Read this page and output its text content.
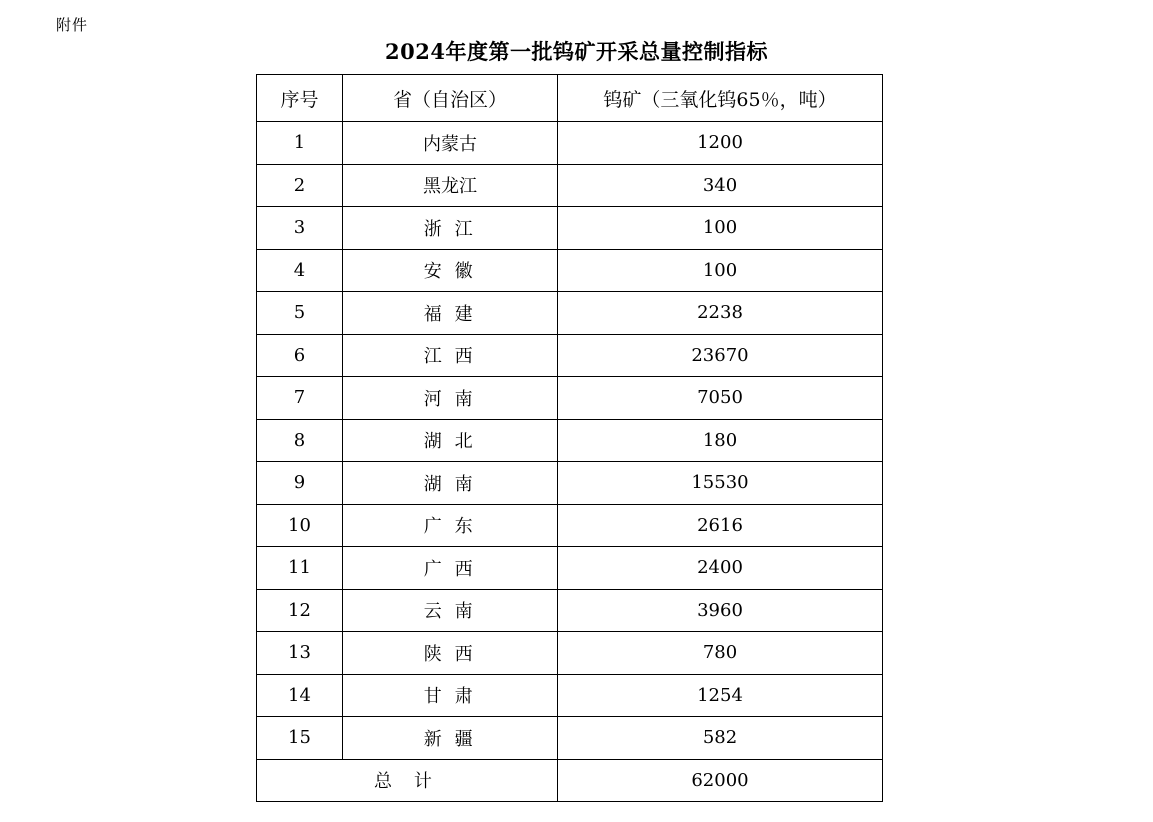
附件
2024年度第一批钨矿开采总量控制指标
序号	省（自治区）	钨矿（三氧化钨65％，吨）
1	内蒙古	1200
2	黑龙江	340
3	浙 江	100
4	安 徽	100
5	福 建	2238
6	江 西	23670
7	河 南	7050
8	湖 北	180
9	湖 南	15530
10	广 东	2616
11	广 西	2400
12	云 南	3960
13	陕 西	780
14	甘 肃	1254
15	新 疆	582
总 计		62000
